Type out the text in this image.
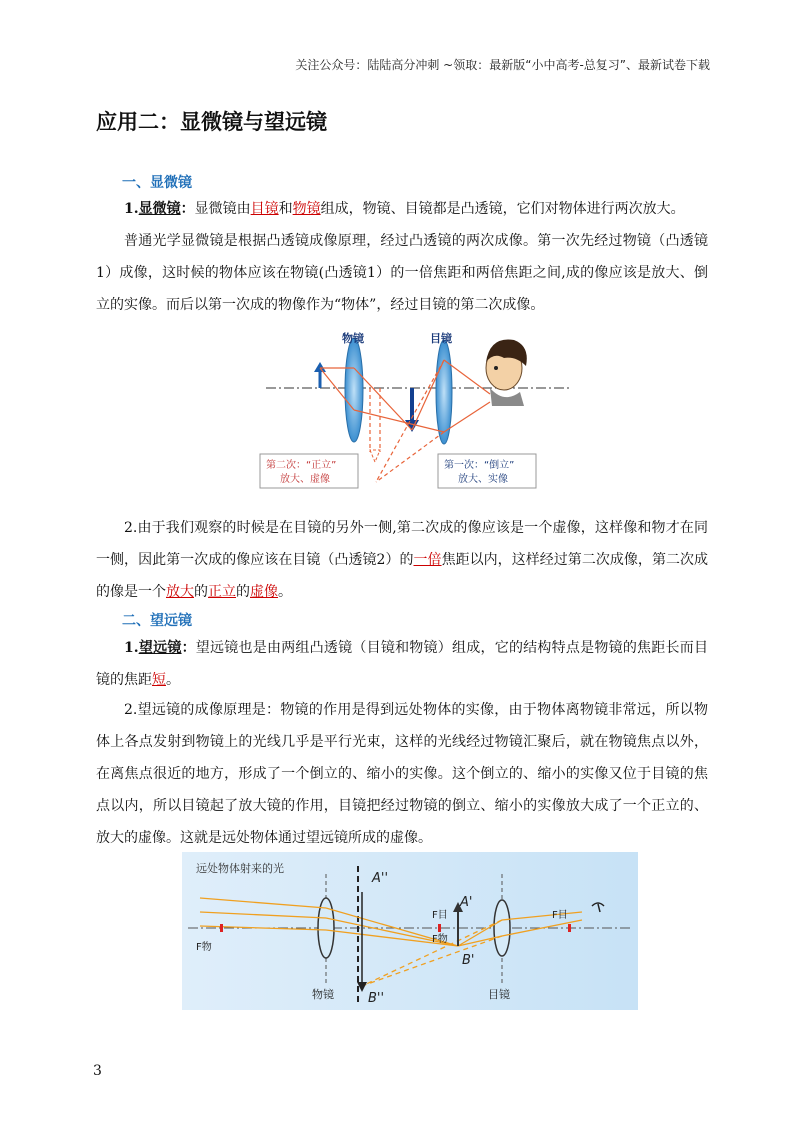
关注公众号：陆陆高分冲刺 ~领取：最新版“小中高考-总复习”、最新试卷下载
应用二：显微镜与望远镜
一、显微镜
1.显微镜：显微镜由目镜和物镜组成，物镜、目镜都是凸透镜，它们对物体进行两次放大。
普通光学显微镜是根据凸透镜成像原理，经过凸透镜的两次成像。第一次先经过物镜（凸透镜1）成像，这时候的物体应该在物镜(凸透镜1）的一倍焦距和两倍焦距之间,成的像应该是放大、倒立的实像。而后以第一次成的物像作为“物体”，经过目镜的第二次成像。
物镜	目镜
第二次：“正立”
放大、虚像
第一次：“倒立”
放大、实像
2.由于我们观察的时候是在目镜的另外一侧,第二次成的像应该是一个虚像，这样像和物才在同一侧，因此第一次成的像应该在目镜（凸透镜2）的一倍焦距以内，这样经过第二次成像，第二次成的像是一个放大的正立的虚像。
二、望远镜
1.望远镜：望远镜也是由两组凸透镜（目镜和物镜）组成，它的结构特点是物镜的焦距长而目镜的焦距短。
2.望远镜的成像原理是：物镜的作用是得到远处物体的实像，由于物体离物镜非常远，所以物体上各点发射到物镜上的光线几乎是平行光束，这样的光线经过物镜汇聚后，就在物镜焦点以外，在离焦点很近的地方，形成了一个倒立的、缩小的实像。这个倒立的、缩小的实像又位于目镜的焦点以内，所以目镜起了放大镜的作用，目镜把经过物镜的倒立、缩小的实像放大成了一个正立的、放大的虚像。这就是远处物体通过望远镜所成的虚像。
远处物体射来的光
A''
A'
B'
B''
F目
F物
F目
F物
物镜	目镜
3
